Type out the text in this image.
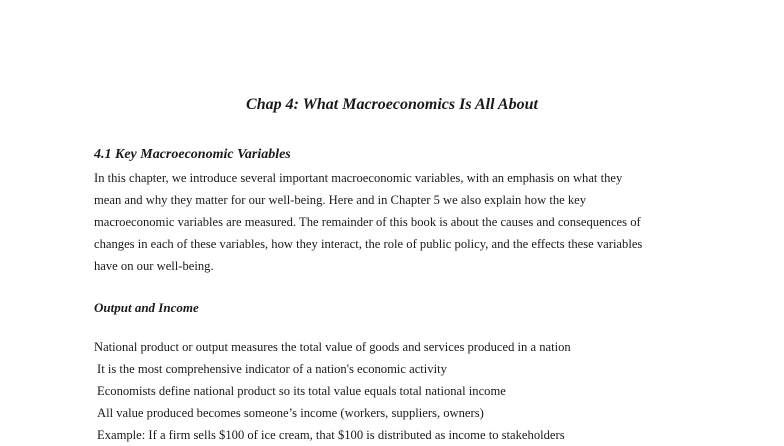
Chap 4: What Macroeconomics Is All About
4.1 Key Macroeconomic Variables

In this chapter, we introduce several important macroeconomic variables, with an emphasis on what they
mean and why they matter for our well-being. Here and in Chapter 5 we also explain how the key
macroeconomic variables are measured. The remainder of this book is about the causes and consequences of
changes in each of these variables, how they interact, the role of public policy, and the effects these variables
have on our well-being.

Output and Income
National product or output measures the total value of goods and services produced in a nation
It is the most comprehensive indicator of a nation's economic activity
Economists define national product so its total value equals total national income
All value produced becomes someone’s income (workers, suppliers, owners)
Example: If a firm sells $100 of ice cream, that $100 is distributed as income to stakeholders
